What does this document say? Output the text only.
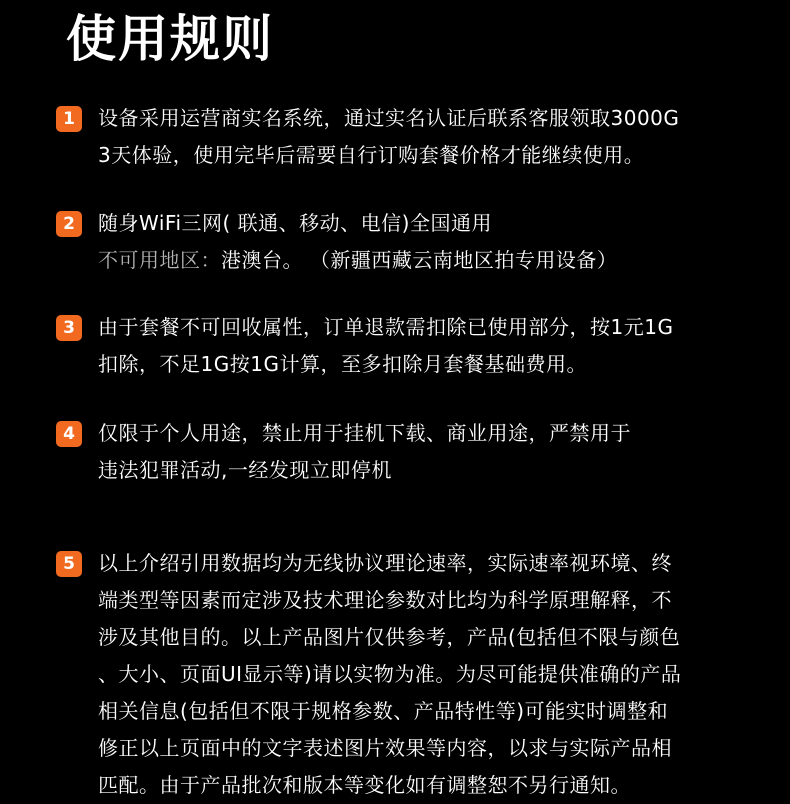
使用规则
1	设备采用运营商实名系统，通过实名认证后联系客服领取3000G
3天体验，使用完毕后需要自行订购套餐价格才能继续使用。
2	随身WiFi三网( 联通、移动、电信)全国通用
不可用地区：港澳台。 （新疆西藏云南地区拍专用设备）
3	由于套餐不可回收属性，订单退款需扣除已使用部分，按1元1G
扣除，不足1G按1G计算，至多扣除月套餐基础费用。
4	仅限于个人用途，禁止用于挂机下载、商业用途，严禁用于
违法犯罪活动,一经发现立即停机
5	以上介绍引用数据均为无线协议理论速率，实际速率视环境、终
端类型等因素而定涉及技术理论参数对比均为科学原理解释，不
涉及其他目的。以上产品图片仅供参考，产品(包括但不限与颜色
、大小、页面UI显示等)请以实物为准。为尽可能提供准确的产品
相关信息(包括但不限于规格参数、产品特性等)可能实时调整和
修正以上页面中的文字表述图片效果等内容，以求与实际产品相
匹配。由于产品批次和版本等变化如有调整恕不另行通知。
